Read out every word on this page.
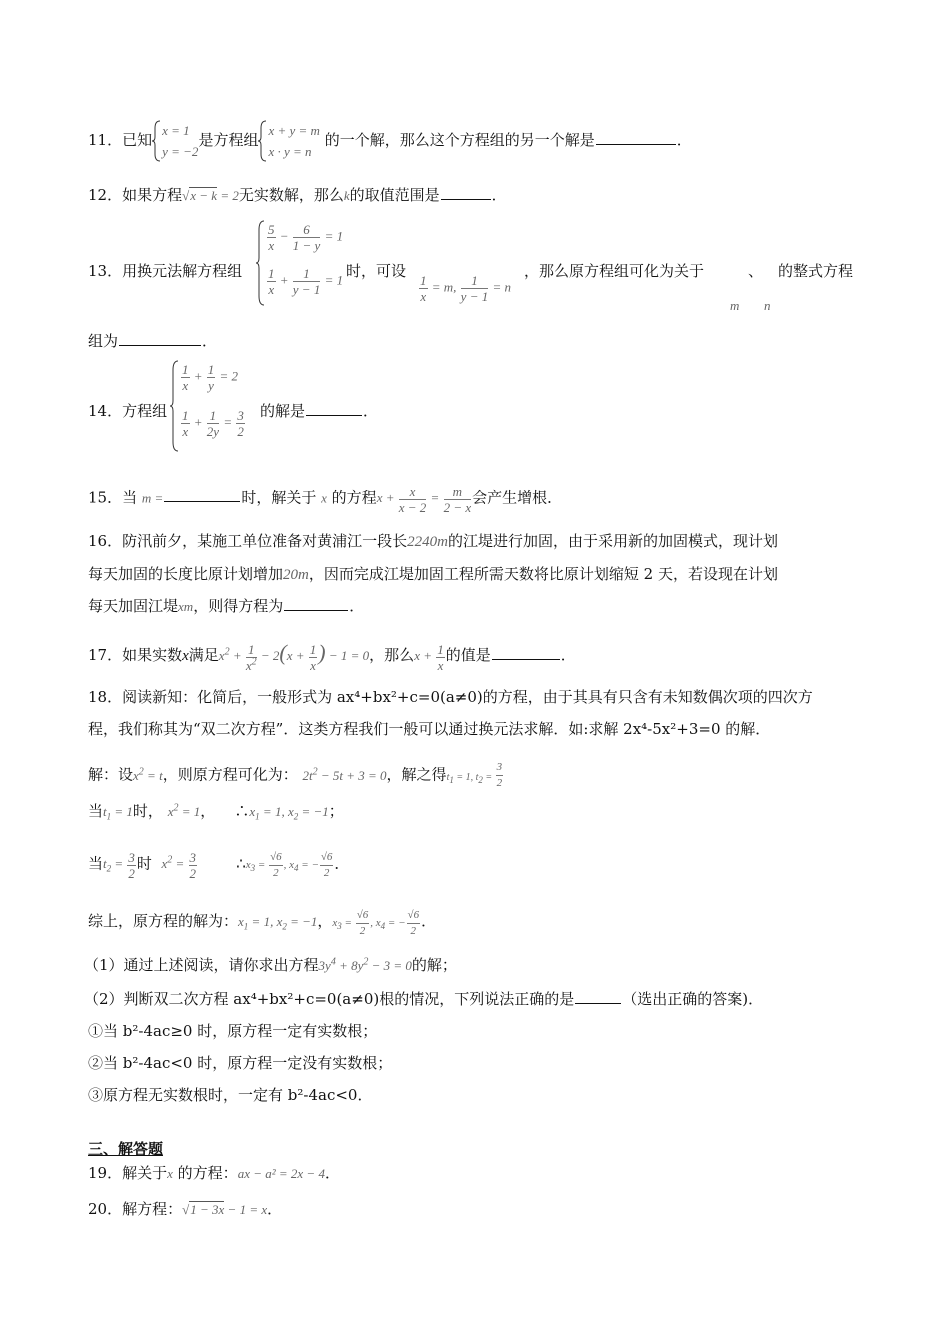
11．已知
x = 1
y = −2
是方程组
x + y = m
x · y = n
的一个解，那么这个方程组的另一个解是	．
12．如果方程√x − k = 2无实数解，那么k的取值范围是	．
13．用换元法解方程组
$\frac{5}{x} - \frac{6}{1 - y} = 1$
$\frac{1}{x} + \frac{1}{y - 1} = 1$ 时，可设
$\frac{1}{x} = m$, $\frac{1}{y - 1} = n$
，那么原方程组可化为关于	、 的整式方程
m n
组为	．
14．方程组
$\frac{1}{x} + \frac{1}{y} = 2$
$\frac{1}{x} + \frac{1}{2y} = \frac{3}{2}$ 的解是	．
15．当 m =	时，解关于 x 的方程$x + \frac{x}{x - 2} = \frac{m}{2 - x}$ 会产生增根．
16．防汛前夕，某施工单位准备对黄浦江一段长2240m的江堤进行加固，由于采用新的加固模式，现计划
每天加固的长度比原计划增加20m，因而完成江堤加固工程所需天数将比原计划缩短 2 天，若设现在计划
每天加固江堤xm，则得方程为	．
17．如果实数x满足$x^2 + \frac{1}{x^2} - 2(x + \frac{1}{x}$ ) − 1 = 0，那么$x + \frac{1}{x}$ 的值是	．
18．阅读新知：化简后，一般形式为 ax⁴+bx²+c=0(a≠0)的方程，由于其具有只含有未知数偶次项的四次方
程，我们称其为“双二次方程”．这类方程我们一般可以通过换元法求解．如:求解 2x⁴-5x²+3=0 的解．
解：设$x^2 = t$，则原方程可化为： $2t^2 - 5t + 3 = 0$，解之得$t_1 = 1$, $t_2 = \frac{3}{2}$
当$t_1 = 1$时， $x^2 = 1$， $\therefore x_1 = 1$, $x_2 = -1$；
当$t_2 = \frac{3}{2}$ 时 $x^2 = \frac{3}{2}$	$\therefore x_3 = \frac{√6}{2}$ , $x_4$ = − $\frac{√6}{2}$ ．
综上，原方程的解为：$x_1 = 1$, $x_2 = -1$，$x_3 = \frac{√6}{2}$ , $x_4$ = − $\frac{√6}{2}$ ．
（1）通过上述阅读，请你求出方程$3y^4 + 8y^2 - 3 = 0$的解；
（2）判断双二次方程 ax⁴+bx²+c=0(a≠0)根的情况，下列说法正确的是	（选出正确的答案)．
①当 b²-4ac≥0 时，原方程一定有实数根；
②当 b²-4ac<0 时，原方程一定没有实数根；
③原方程无实数根时，一定有 b²-4ac<0．
三、解答题
19．解关于x 的方程：ax − a² = 2x − 4．
20．解方程：√1 − 3x − 1 = x．
